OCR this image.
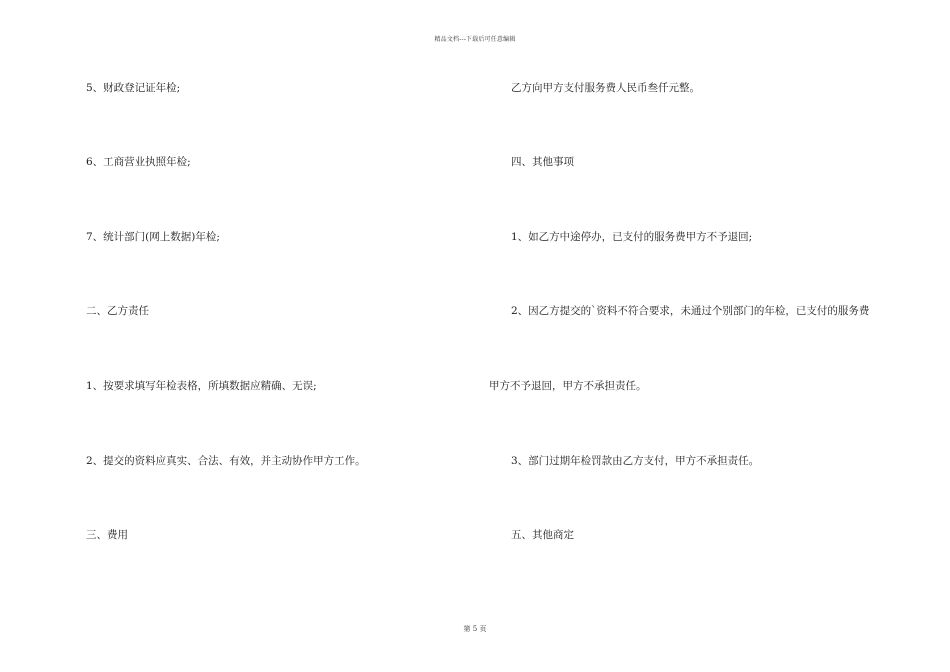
精品文档---下载后可任意编辑
5、财政登记证年检;
6、工商营业执照年检;
7、统计部门(网上数据)年检;
二、乙方责任
1、按要求填写年检表格，所填数据应精确、无误;
2、提交的资料应真实、合法、有效，并主动协作甲方工作。
三、费用
乙方向甲方支付服务费人民币叁仟元整。
四、其他事项
1、如乙方中途停办，已支付的服务费甲方不予退回;
2、因乙方提交的`资料不符合要求，未通过个别部门的年检，已支付的服务费
甲方不予退回，甲方不承担责任。
3、部门过期年检罚款由乙方支付，甲方不承担责任。
五、其他商定
第 5 页
